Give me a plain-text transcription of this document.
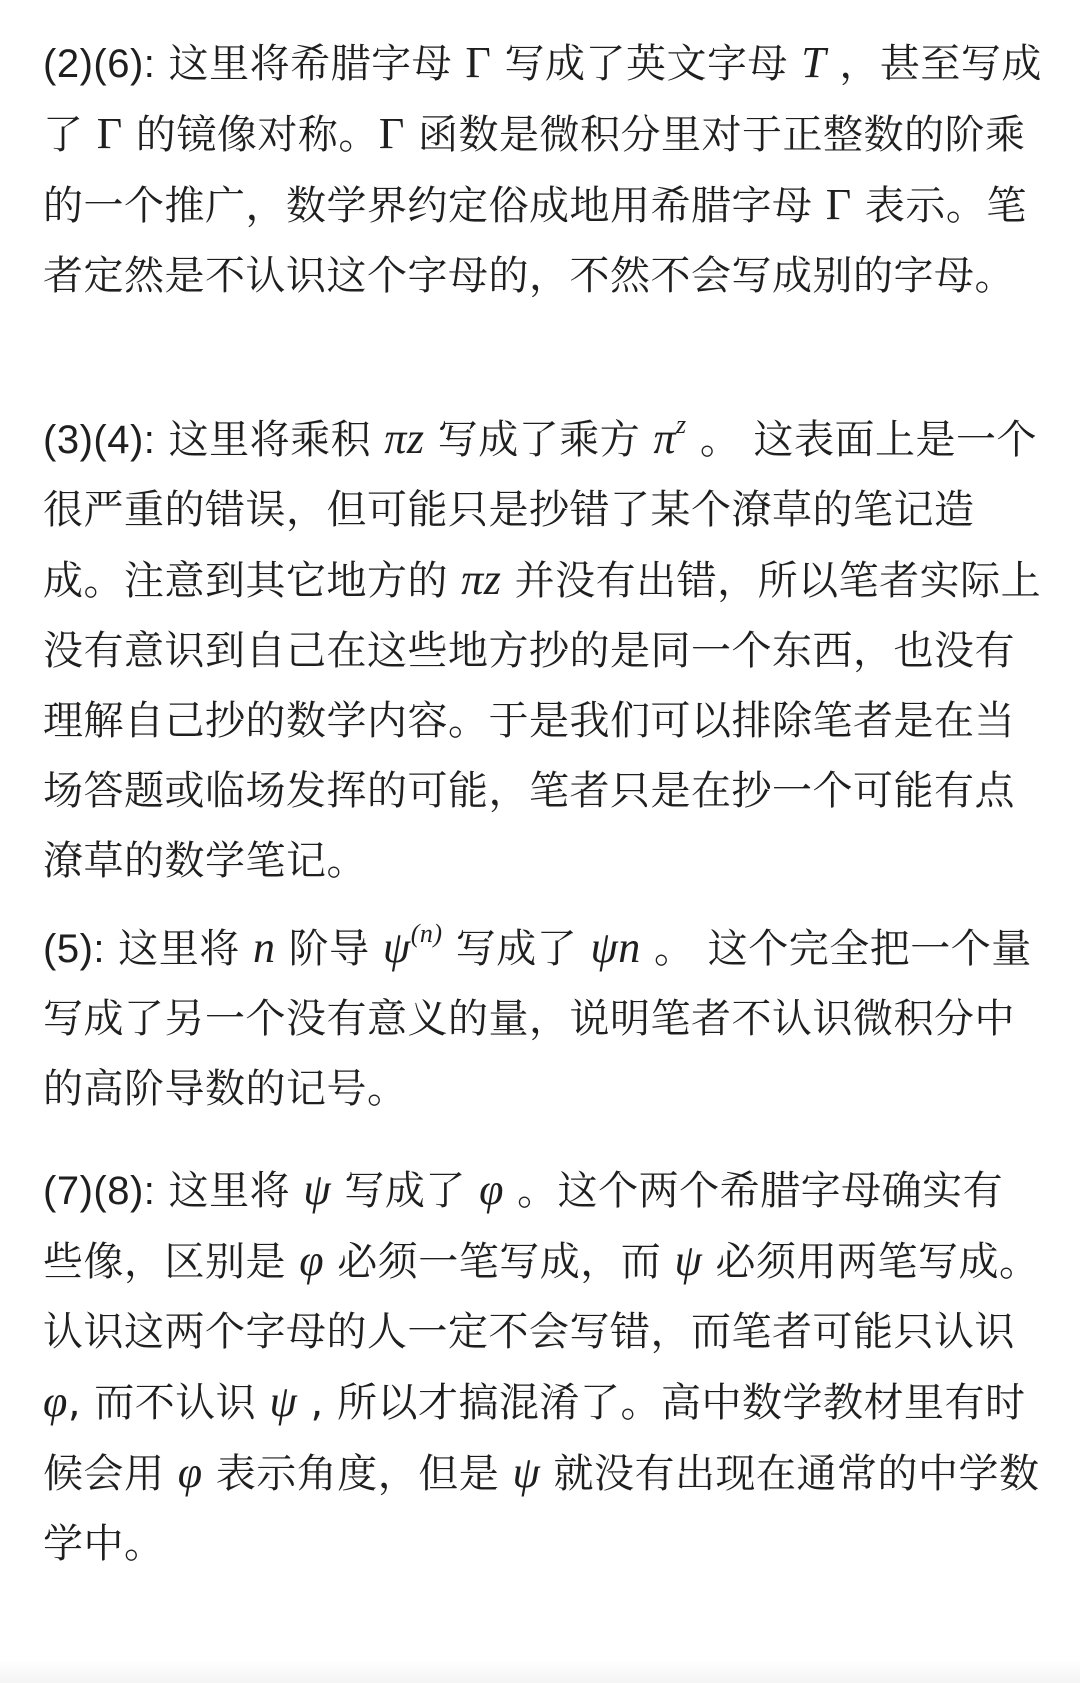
(2)(6): 这里将希腊字母 Γ 写成了英文字母 T ，甚至写成了 Γ 的镜像对称。Γ 函数是微积分里对于正整数的阶乘的一个推广，数学界约定俗成地用希腊字母 Γ 表示。笔者定然是不认识这个字母的，不然不会写成别的字母。

(3)(4): 这里将乘积 πz 写成了乘方 $\pi^z$ 。 这表面上是一个很严重的错误，但可能只是抄错了某个潦草的笔记造成。注意到其它地方的 πz 并没有出错，所以笔者实际上没有意识到自己在这些地方抄的是同一个东西，也没有理解自己抄的数学内容。于是我们可以排除笔者是在当场答题或临场发挥的可能，笔者只是在抄一个可能有点潦草的数学笔记。

(5): 这里将 n 阶导 $\psi^{(n)}$ 写成了 ψn 。 这个完全把一个量写成了另一个没有意义的量，说明笔者不认识微积分中的高阶导数的记号。

(7)(8): 这里将 ψ 写成了 φ 。这个两个希腊字母确实有些像，区别是 φ 必须一笔写成，而 ψ 必须用两笔写成。认识这两个字母的人一定不会写错，而笔者可能只认识 φ, 而不认识 ψ , 所以才搞混淆了。高中数学教材里有时候会用 φ 表示角度，但是 ψ 就没有出现在通常的中学数学中。
